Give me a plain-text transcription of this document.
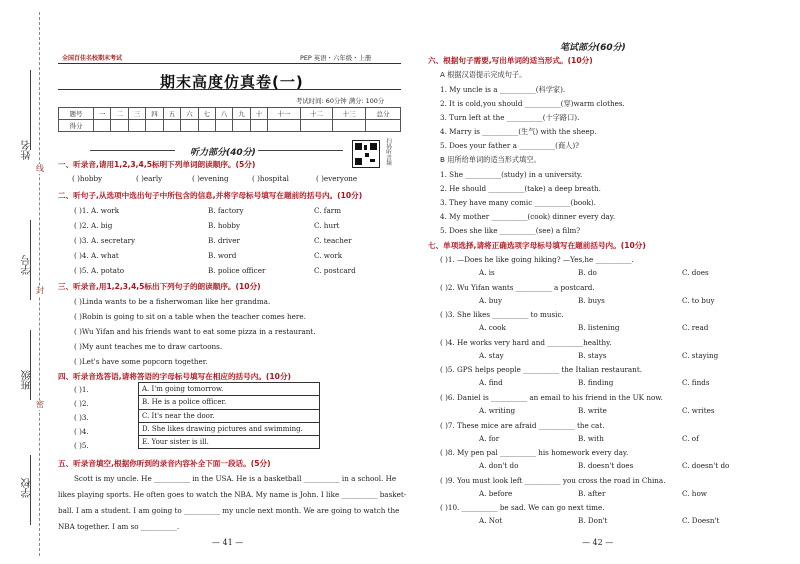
姓名
学号
班级
学校
线
封
密
全国百佳名校期末考试	PEP 英语・六年级・上册
期末高度仿真卷(一)
考试时间: 60分钟 满分: 100分
题号	一	二	三	四	五	六	七	八	九	十	十一	十二	十三	总分
得分														
听力部分(40分)	扫码听音频
一、听录音,请用1,2,3,4,5标明下列单词朗读顺序。(5分)
( )hobby	( )early	( )evening	( )hospital	( )everyone
二、听句子,从选项中选出句子中所包含的信息,并将字母标号填写在题前的括号内。(10分)
( )1. A. work	B. factory	C. farm
( )2. A. big	B. hobby	C. hurt
( )3. A. secretary	B. driver	C. teacher
( )4. A. what	B. word	C. work
( )5. A. potato	B. police officer	C. postcard
三、听录音,用1,2,3,4,5标出下列句子的朗读顺序。(10分)
( )Linda wants to be a fisherwoman like her grandma.
( )Robin is going to sit on a table when the teacher comes here.
( )Wu Yifan and his friends want to eat some pizza in a restaurant.
( )My aunt teaches me to draw cartoons.
( )Let's have some popcorn together.
四、听录音选答语,请将答语的字母标号填写在相应的括号内。(10分)
( )1.
( )2.
( )3.
( )4.
( )5.
A. I'm going tomorrow.
B. He is a police officer.
C. It's near the door.
D. She likes drawing pictures and swimming.
E. Your sister is ill.
五、听录音填空,根据你听到的录音内容补全下面一段话。(5分)
Scott is my uncle. He __________ in the USA. He is a basketball __________ in a school. He
likes playing sports. He often goes to watch the NBA. My name is John. I like __________ basket-
ball. I am a student. I am going to __________ my uncle next month. We are going to watch the
NBA together. I am so __________.
— 41 —
笔试部分(60分)
六、根据句子需要,写出单词的适当形式。(10分)
A 根据汉语提示完成句子。
1. My uncle is a __________(科学家).
2. It is cold,you should __________(穿)warm clothes.
3. Turn left at the __________(十字路口).
4. Marry is __________(生气) with the sheep.
5. Does your father a __________(商人)?
B 用所给单词的适当形式填空。
1. She __________(study) in a university.
2. He should __________(take) a deep breath.
3. They have many comic __________(book).
4. My mother __________(cook) dinner every day.
5. Does she like __________(see) a film?
七、单项选择,请将正确选项字母标号填写在题前括号内。(10分)
( )1. —Does he like going hiking? —Yes,he __________.
A. is	B. do	C. does
( )2. Wu Yifan wants __________ a postcard.
A. buy	B. buys	C. to buy
( )3. She likes __________ to music.
A. cook	B. listening	C. read
( )4. He works very hard and __________healthy.
A. stay	B. stays	C. staying
( )5. GPS helps people __________ the Italian restaurant.
A. find	B. finding	C. finds
( )6. Daniel is __________ an email to his friend in the UK now.
A. writing	B. write	C. writes
( )7. These mice are afraid __________ the cat.
A. for	B. with	C. of
( )8. My pen pal __________ his homework every day.
A. don't do	B. doesn't does	C. doesn't do
( )9. You must look left __________ you cross the road in China.
A. before	B. after	C. how
( )10. __________ be sad. We can go next time.
A. Not	B. Don't	C. Doesn't
— 42 —
